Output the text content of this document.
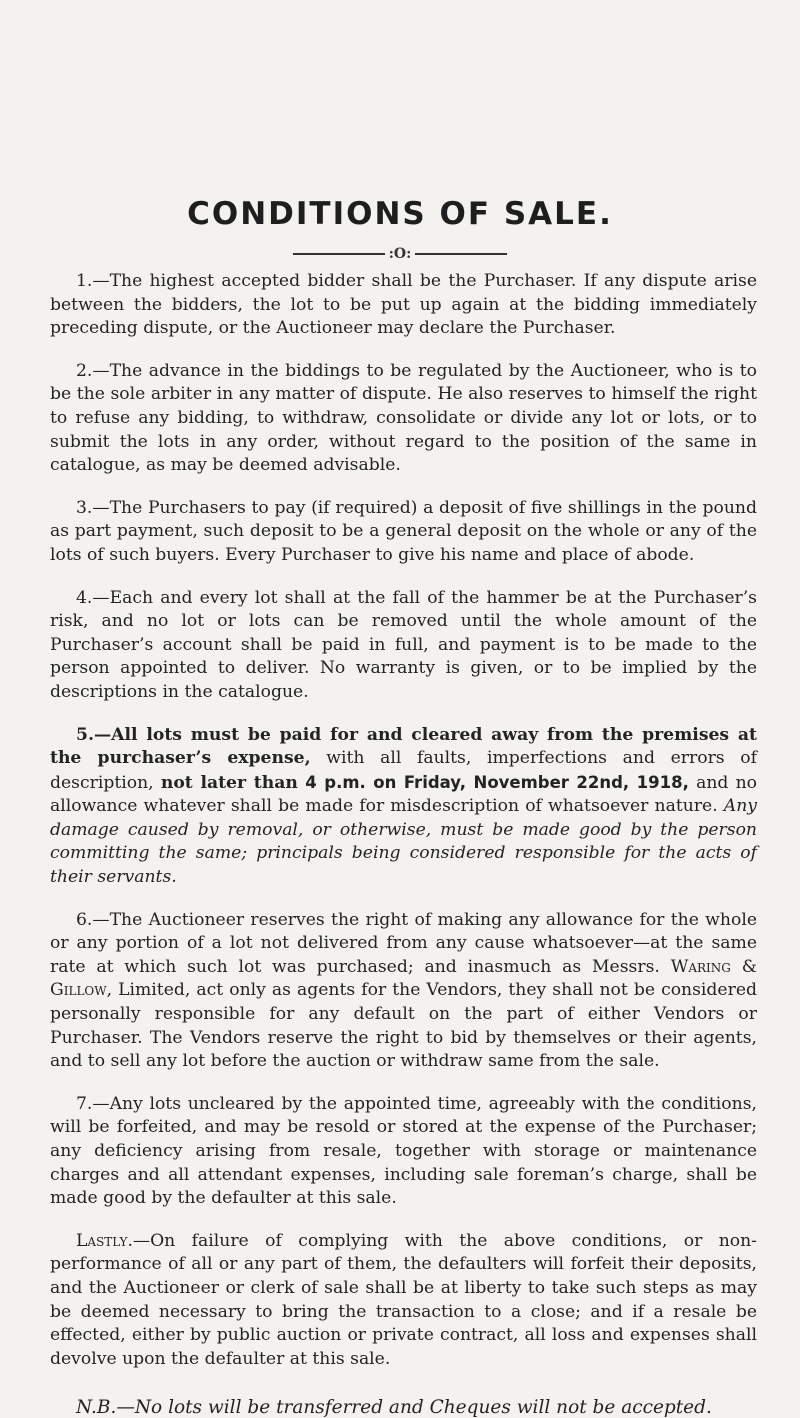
CONDITIONS OF SALE.
:O:

1.—The highest accepted bidder shall be the Purchaser. If any dispute arise between the bidders, the lot to be put up again at the bidding immediately preceding dispute, or the Auctioneer may declare the Purchaser.

2.—The advance in the biddings to be regulated by the Auctioneer, who is to be the sole arbiter in any matter of dispute. He also reserves to himself the right to refuse any bidding, to withdraw, consolidate or divide any lot or lots, or to submit the lots in any order, without regard to the position of the same in catalogue, as may be deemed advisable.

3.—The Purchasers to pay (if required) a deposit of five shillings in the pound as part payment, such deposit to be a general deposit on the whole or any of the lots of such buyers. Every Purchaser to give his name and place of abode.

4.—Each and every lot shall at the fall of the hammer be at the Purchaser’s risk, and no lot or lots can be removed until the whole amount of the Purchaser’s account shall be paid in full, and payment is to be made to the person appointed to deliver. No warranty is given, or to be implied by the descriptions in the catalogue.

5.—All lots must be paid for and cleared away from the premises at the purchaser’s expense, with all faults, imperfections and errors of description, not later than 4 p.m. on Friday, November 22nd, 1918, and no allowance whatever shall be made for misdescription of whatsoever nature. Any damage caused by removal, or otherwise, must be made good by the person committing the same; principals being considered responsible for the acts of their servants.

6.—The Auctioneer reserves the right of making any allowance for the whole or any portion of a lot not delivered from any cause whatsoever—at the same rate at which such lot was purchased; and inasmuch as Messrs. Waring & Gillow, Limited, act only as agents for the Vendors, they shall not be considered personally responsible for any default on the part of either Vendors or Purchaser. The Vendors reserve the right to bid by themselves or their agents, and to sell any lot before the auction or withdraw same from the sale.

7.—Any lots uncleared by the appointed time, agreeably with the conditions, will be forfeited, and may be resold or stored at the expense of the Purchaser; any deficiency arising from resale, together with storage or maintenance charges and all attendant expenses, including sale foreman’s charge, shall be made good by the defaulter at this sale.

Lastly.—On failure of complying with the above conditions, or non-performance of all or any part of them, the defaulters will forfeit their deposits, and the Auctioneer or clerk of sale shall be at liberty to take such steps as may be deemed necessary to bring the transaction to a close; and if a resale be effected, either by public auction or private contract, all loss and expenses shall devolve upon the defaulter at this sale.

N.B.—No lots will be transferred and Cheques will not be accepted.
